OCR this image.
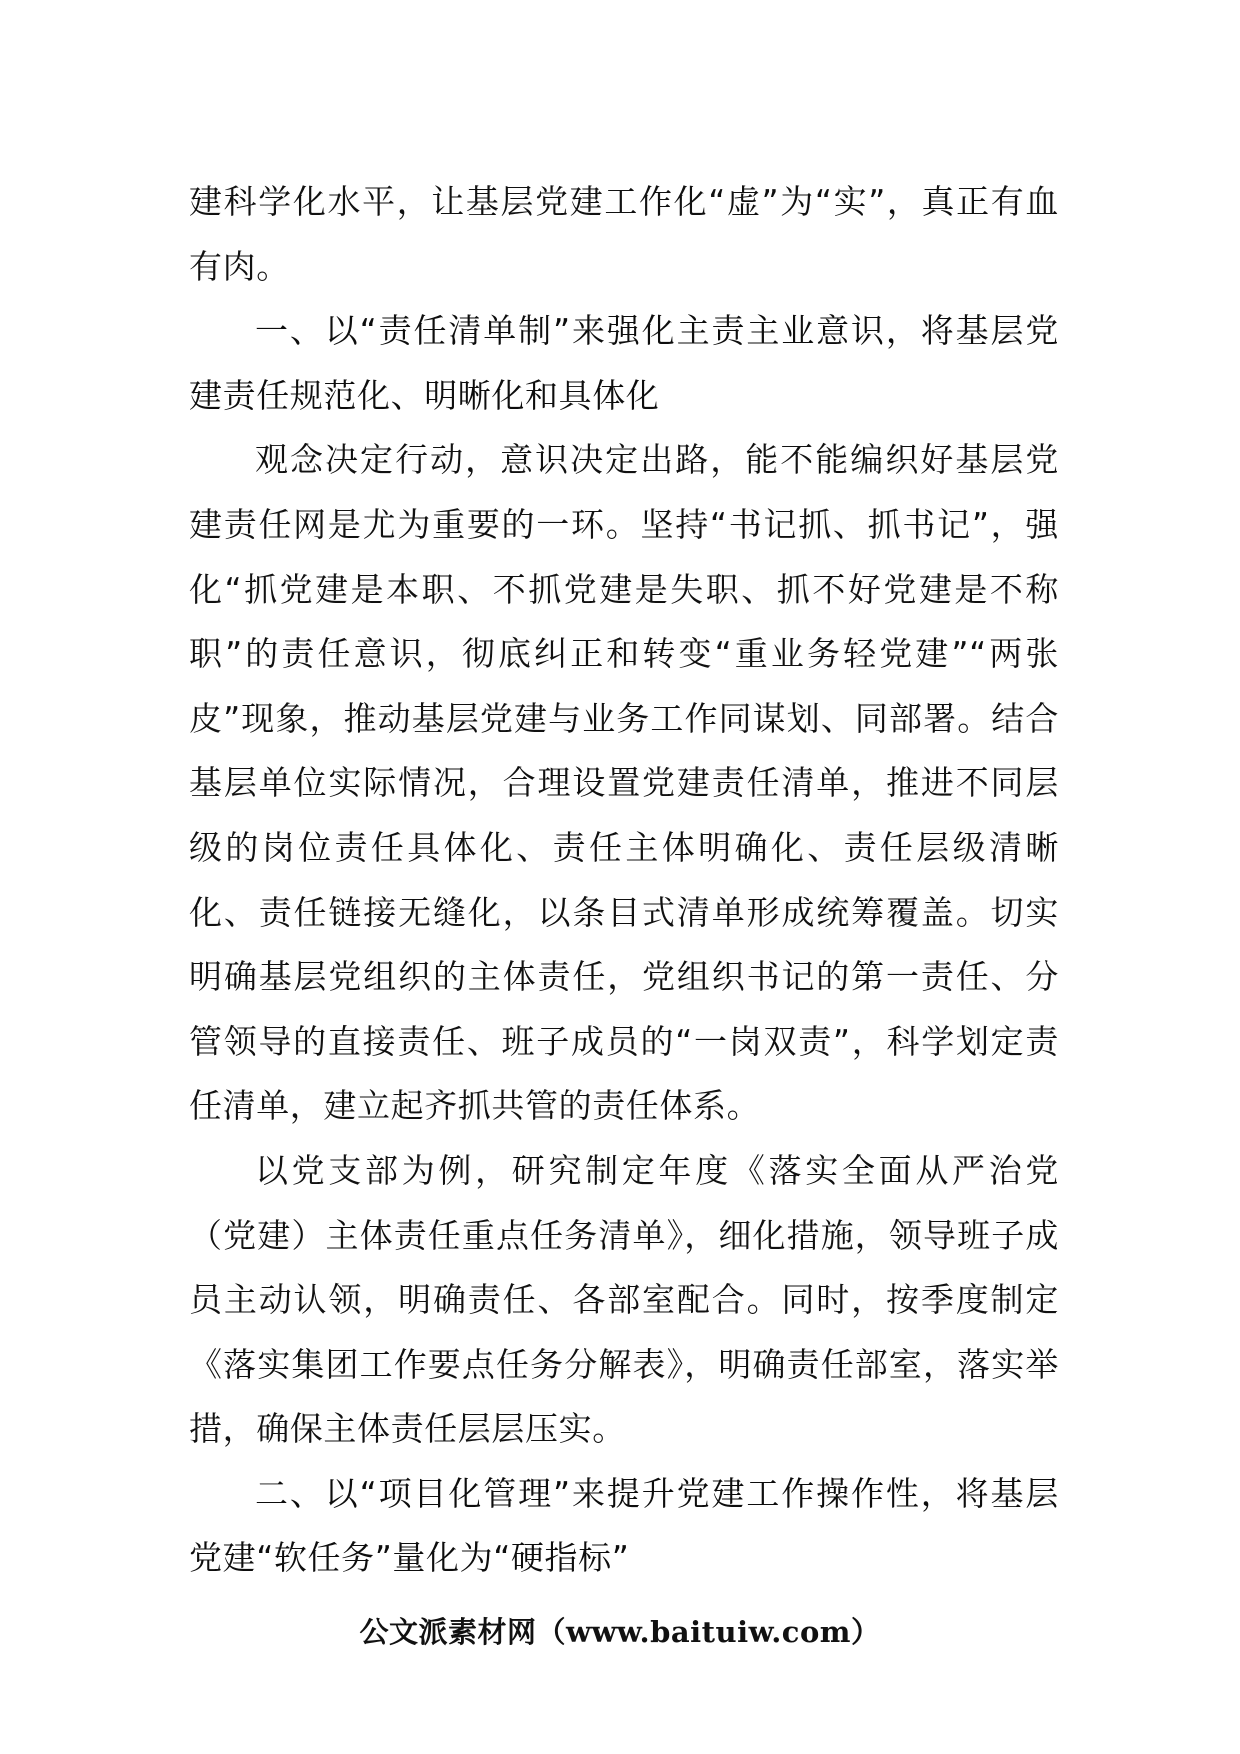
建科学化水平，让基层党建工作化“虚”为“实”，真正有血有肉。

一、以“责任清单制”来强化主责主业意识，将基层党建责任规范化、明晰化和具体化

观念决定行动，意识决定出路，能不能编织好基层党建责任网是尤为重要的一环。坚持“书记抓、抓书记”，强化“抓党建是本职、不抓党建是失职、抓不好党建是不称职”的责任意识，彻底纠正和转变“重业务轻党建”“两张皮”现象，推动基层党建与业务工作同谋划、同部署。结合基层单位实际情况，合理设置党建责任清单，推进不同层级的岗位责任具体化、责任主体明确化、责任层级清晰化、责任链接无缝化，以条目式清单形成统筹覆盖。切实明确基层党组织的主体责任，党组织书记的第一责任、分管领导的直接责任、班子成员的“一岗双责”，科学划定责任清单，建立起齐抓共管的责任体系。

以党支部为例，研究制定年度《落实全面从严治党（党建）主体责任重点任务清单》，细化措施，领导班子成员主动认领，明确责任、各部室配合。同时，按季度制定《落实集团工作要点任务分解表》，明确责任部室，落实举措，确保主体责任层层压实。

二、以“项目化管理”来提升党建工作操作性，将基层党建“软任务”量化为“硬指标”

公文派素材网（www.baituiw.com）
